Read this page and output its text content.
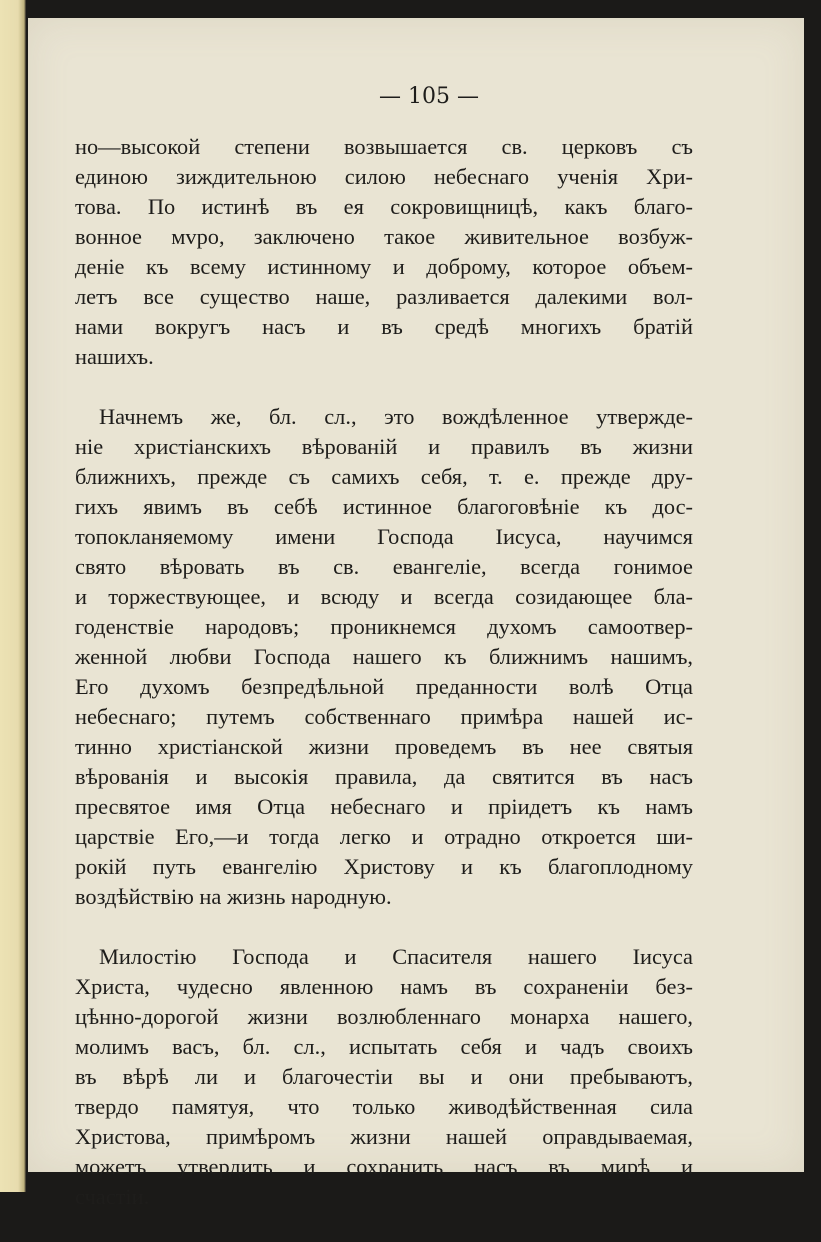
— 105 —

но—высокой степени возвышается св. церковъ съ
единою зиждительною силою небеснаго ученія Хри-
това. По истинѣ въ ея сокровищницѣ, какъ благо-
вонное мvро, заключено такое живительное возбуж-
деніе къ всему истинному и доброму, которое объем-
летъ все существо наше, разливается далекими вол-
нами вокругъ насъ и въ средѣ многихъ братій
нашихъ.
Начнемъ же, бл. сл., это вождѣленное утвержде-
ніе христіанскихъ вѣрованій и правилъ въ жизни
ближнихъ, прежде съ самихъ себя, т. е. прежде дру-
гихъ явимъ въ себѣ истинное благоговѣніе къ дос-
топокланяемому имени Господа Іисуса, научимся
свято вѣровать въ св. евангеліе, всегда гонимое
и торжествующее, и всюду и всегда созидающее бла-
годенствіе народовъ; проникнемся духомъ самоотвер-
женной любви Господа нашего къ ближнимъ нашимъ,
Его духомъ безпредѣльной преданности волѣ Отца
небеснаго; путемъ собственнаго примѣра нашей ис-
тинно христіанской жизни проведемъ въ нее святыя
вѣрованія и высокія правила, да святится въ насъ
пресвятое имя Отца небеснаго и пріидетъ къ намъ
царствіе Его,—и тогда легко и отрадно откроется ши-
рокій путь евангелію Христову и къ благоплодному
воздѣйствію на жизнь народную.
Милостію Господа и Спасителя нашего Іисуса
Христа, чудесно явленною намъ въ сохраненіи без-
цѣнно-дорогой жизни возлюбленнаго монарха нашего,
молимъ васъ, бл. сл., испытать себя и чадъ своихъ
въ вѣрѣ ли и благочестіи вы и они пребываютъ,
твердо памятуя, что только живодѣйственная сила
Христова, примѣромъ жизни нашей оправдываемая,
можетъ утвердить и сохранить насъ въ мирѣ и
счастіи.
